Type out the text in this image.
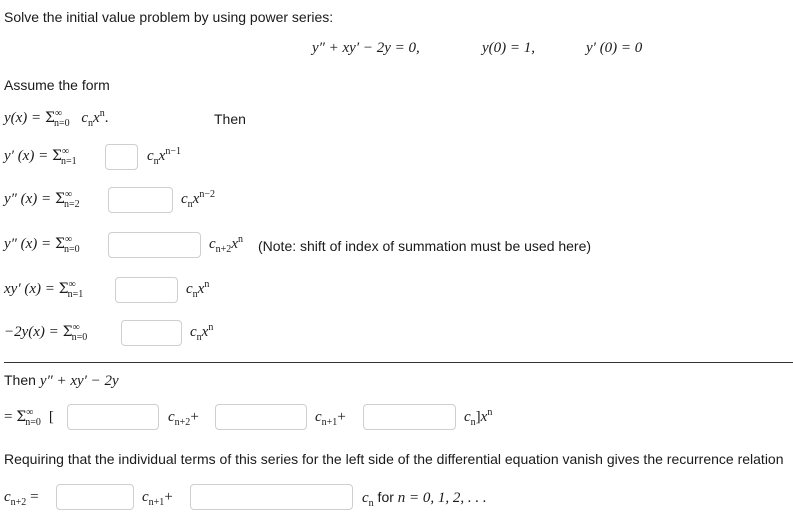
Solve the initial value problem by using power series:
y″ + xy′ − 2y = 0,	y(0) = 1,	y′ (0) = 0
Assume the form
$y(x) = \Sigma\infty_{n=0}$ $c_nx^n$.	Then
y′ $(x) = \Sigma\infty_{n=1}$	$c_nx^{n-1}$
y″ $(x) = \Sigma\infty_{n=2}$	$c_nx^{n-2}$
y″ $(x) = \Sigma\infty_{n=0}$	$c_{n+2}x^n$ (Note: shift of index of summation must be used here)
xy′ $(x) = \Sigma\infty_{n=1}$	$c_nx^n$
$-2y(x) = \Sigma\infty_{n=0}$	$c_nx^n$
Then y″ + xy′ − 2y
= $\Sigma\infty_{n=0}$ [	$c_{n+2}+$	$c_{n+1}+$	$c_n]x^n$
Requiring that the individual terms of this series for the left side of the differential equation vanish gives the recurrence relation
$c_{n+2}$ =	$c_{n+1}+$	$c_n$ for n = 0, 1, 2, . . .
